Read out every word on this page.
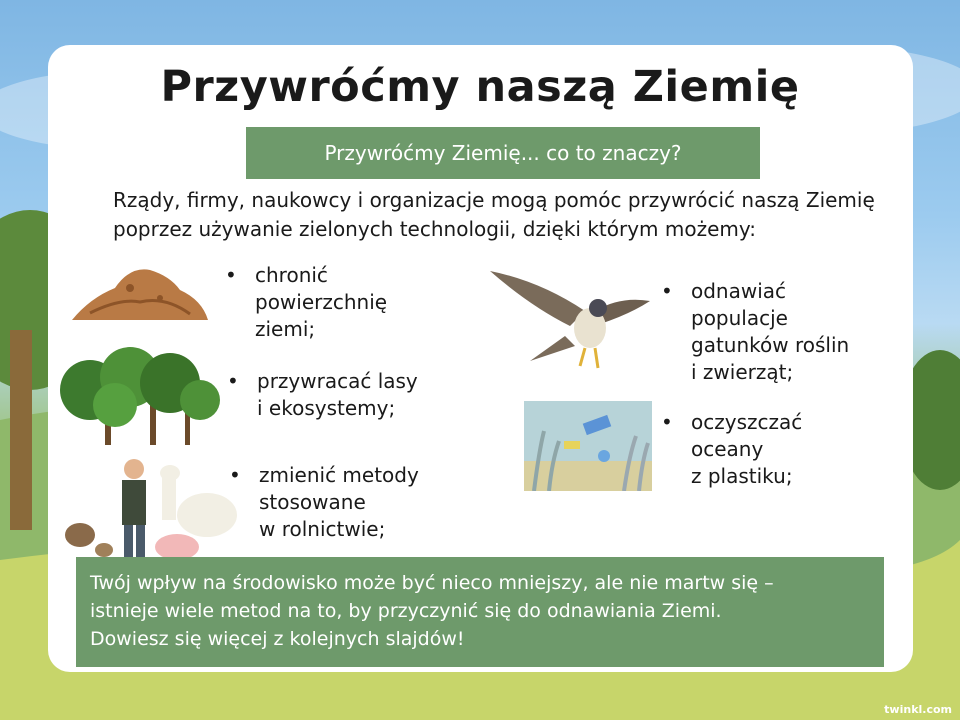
Przywróćmy naszą Ziemię
Przywróćmy Ziemię... co to znaczy?
Rządy, firmy, naukowcy i organizacje mogą pomóc przywrócić naszą Ziemię poprzez używanie zielonych technologii, dzięki którym możemy:
• chronić
powierzchnię
ziemi;
• przywracać lasy
i ekosystemy;
• zmienić metody
stosowane
w rolnictwie;
• odnawiać
populacje
gatunków roślin
i zwierząt;
• oczyszczać
oceany
z plastiku;
Twój wpływ na środowisko może być nieco mniejszy, ale nie martw się –
istnieje wiele metod na to, by przyczynić się do odnawiania Ziemi.
Dowiesz się więcej z kolejnych slajdów!
twinkl.com
